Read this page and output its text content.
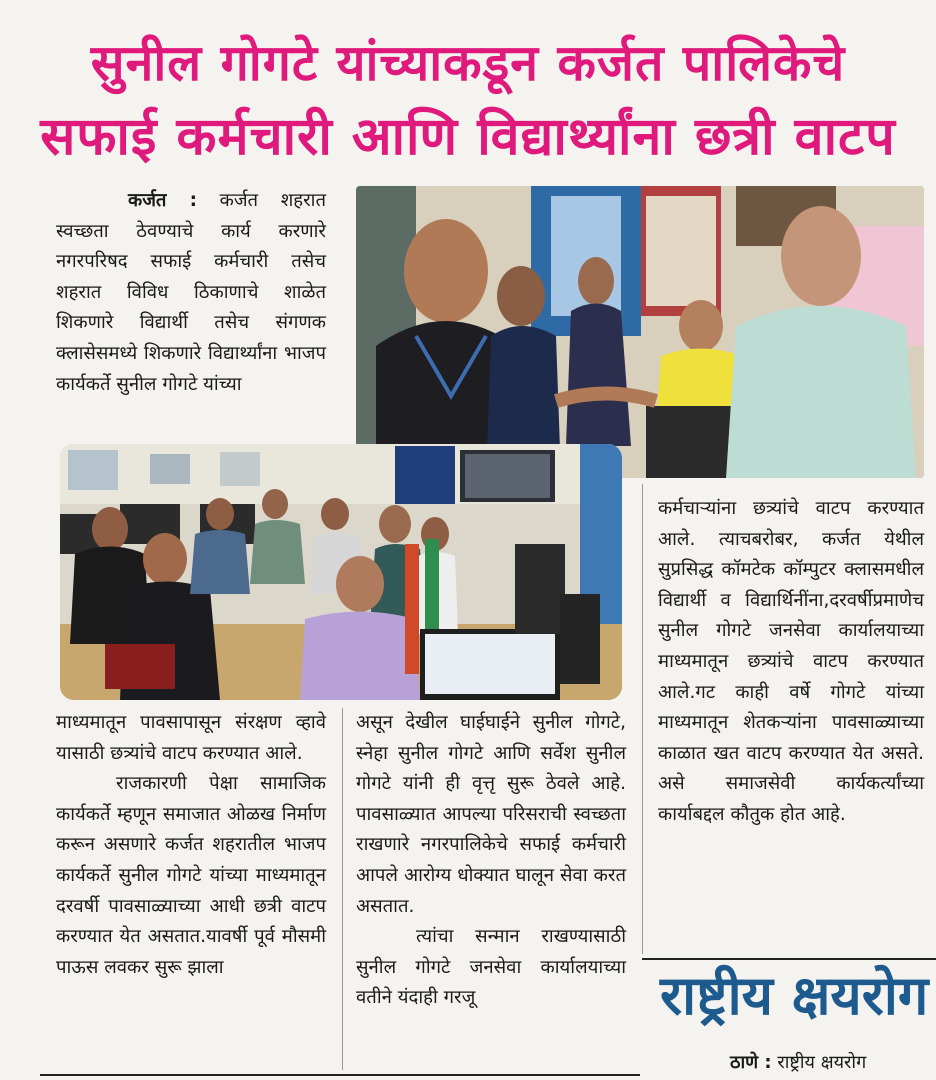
सुनील गोगटे यांच्याकडून कर्जत पालिकेचे
सफाई कर्मचारी आणि विद्यार्थ्यांना छत्री वाटप

कर्जत : कर्जत शहरात स्वच्छता ठेवण्याचे कार्य करणारे नगरपरिषद सफाई कर्मचारी तसेच शहरात विविध ठिकाणाचे शाळेत शिकणारे विद्यार्थी तसेच संगणक क्लासेसमध्ये शिकणारे विद्यार्थ्यांना भाजप कार्यकर्ते सुनील गोगटे यांच्या

माध्यमातून पावसापासून संरक्षण व्हावे यासाठी छत्र्यांचे वाटप करण्यात आले.

राजकारणी पेक्षा सामाजिक कार्यकर्ते म्हणून समाजात ओळख निर्माण करून असणारे कर्जत शहरातील भाजप कार्यकर्ते सुनील गोगटे यांच्या माध्यमातून दरवर्षी पावसाळ्याच्या आधी छत्री वाटप करण्यात येत असतात.यावर्षी पूर्व मौसमी पाऊस लवकर सुरू झाला

असून देखील घाईघाईने सुनील गोगटे, स्नेहा सुनील गोगटे आणि सर्वेश सुनील गोगटे यांनी ही वृत्तृ सुरू ठेवले आहे. पावसाळ्यात आपल्या परिसराची स्वच्छता राखणारे नगरपालिकेचे सफाई कर्मचारी आपले आरोग्य धोक्यात घालून सेवा करत असतात.

त्यांचा सन्मान राखण्यासाठी सुनील गोगटे जनसेवा कार्यालयाच्या वतीने यंदाही गरजू

कर्मचाऱ्यांना छत्र्यांचे वाटप करण्यात आले. त्याचबरोबर, कर्जत येथील सुप्रसिद्ध कॉमटेक कॉम्पुटर क्लासमधील विद्यार्थी व विद्यार्थिनींना,दरवर्षीप्रमाणेच सुनील गोगटे जनसेवा कार्यालयाच्या माध्यमातून छत्र्यांचे वाटप करण्यात आले.गट काही वर्षे गोगटे यांच्या माध्यमातून शेतकऱ्यांना पावसाळ्याच्या काळात खत वाटप करण्यात येत असते. असे समाजसेवी कार्यकर्त्यांच्या कार्याबद्दल कौतुक होत आहे.

राष्ट्रीय क्षयरोग
ठाणे : राष्ट्रीय क्षयरोग
